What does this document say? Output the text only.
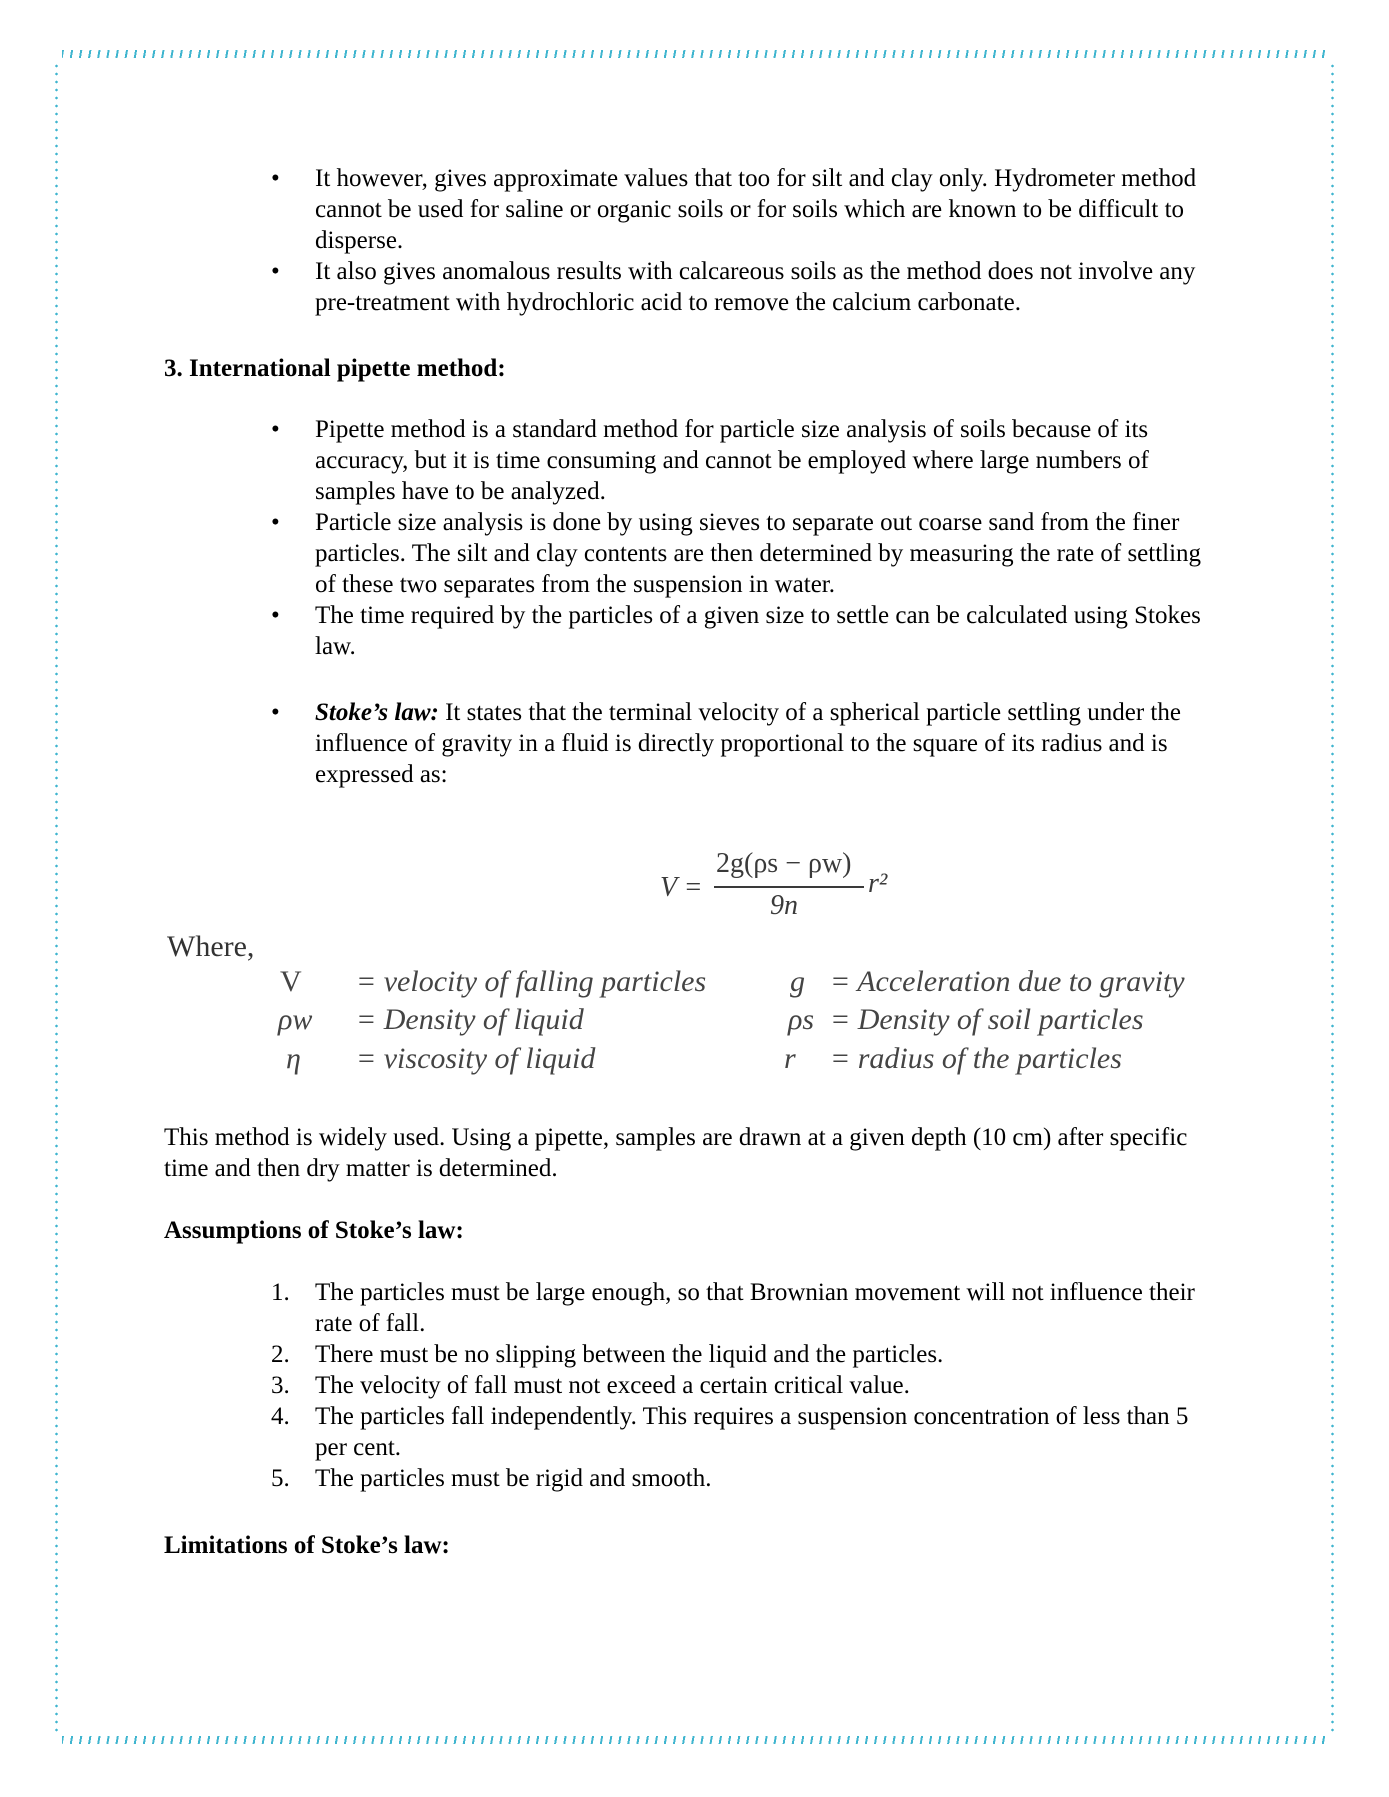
• It however, gives approximate values that too for silt and clay only. Hydrometer method cannot be used for saline or organic soils or for soils which are known to be difficult to disperse.
• It also gives anomalous results with calcareous soils as the method does not involve any pre-treatment with hydrochloric acid to remove the calcium carbonate.
3. International pipette method:
• Pipette method is a standard method for particle size analysis of soils because of its accuracy, but it is time consuming and cannot be employed where large numbers of samples have to be analyzed.
• Particle size analysis is done by using sieves to separate out coarse sand from the finer particles. The silt and clay contents are then determined by measuring the rate of settling of these two separates from the suspension in water.
• The time required by the particles of a given size to settle can be calculated using Stokes law.
• Stoke’s law: It states that the terminal velocity of a spherical particle settling under the influence of gravity in a fluid is directly proportional to the square of its radius and is expressed as:
V =
2g(ρs − ρw)
9n
r²
Where,
V = velocity of falling particles	g = Acceleration due to gravity
ρw = Density of liquid	ρs = Density of soil particles
η = viscosity of liquid	r = radius of the particles

This method is widely used. Using a pipette, samples are drawn at a given depth (10 cm) after specific time and then dry matter is determined.

Assumptions of Stoke’s law:
1. The particles must be large enough, so that Brownian movement will not influence their rate of fall.
2. There must be no slipping between the liquid and the particles.
3. The velocity of fall must not exceed a certain critical value.
4. The particles fall independently. This requires a suspension concentration of less than 5 per cent.
5. The particles must be rigid and smooth.
Limitations of Stoke’s law:
